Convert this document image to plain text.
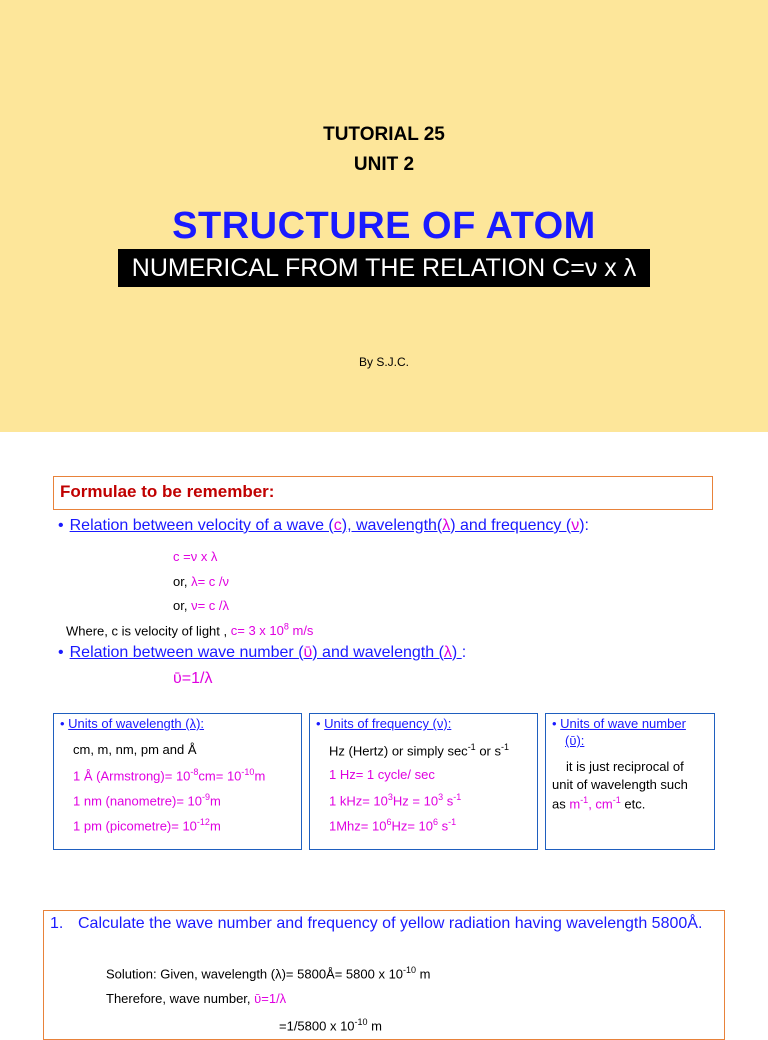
TUTORIAL 25
UNIT 2
STRUCTURE OF ATOM
NUMERICAL FROM THE RELATION C=ν x λ
By S.J.C.
Formulae to be remember:
• Relation between velocity of a wave (c), wavelength(λ) and frequency (ν):
c =ν x λ
or, λ= c /ν
or, ν= c /λ
Where, c is velocity of light , c= 3 x $10^8$ m/s
• Relation between wave number (ῡ) and wavelength (λ) :
ῡ=1/λ
• Units of wavelength (λ):
cm, m, nm, pm and Å
1 Å (Armstrong)= $10^{-8}cm= 10^{-10}m$
1 nm (nanometre)= $10^{-9}m$
1 pm (picometre)= $10^{-12}m$
• Units of frequency (ν):
Hz (Hertz) or simply $\sec^{-1}$ or $s^{-1}$
1 Hz= 1 cycle/ sec
1 $kHz= 10^3Hz = 10^3$ $s^{-1}$
$1Mhz= 10^6Hz= 10^6$ $s^{-1}$
• Units of wave number
(ῡ):
it is just reciprocal of
unit of wavelength such
as $m^{-1}$, $cm^{-1}$ etc.
1. Calculate the wave number and frequency of yellow radiation having wavelength 5800Å.
Solution: Given, wavelength (λ)= 5800Å= 5800 x $10^{-10}$ m
Therefore, wave number, ῡ=1/λ
=1/5800 x $10^{-10}$ m
